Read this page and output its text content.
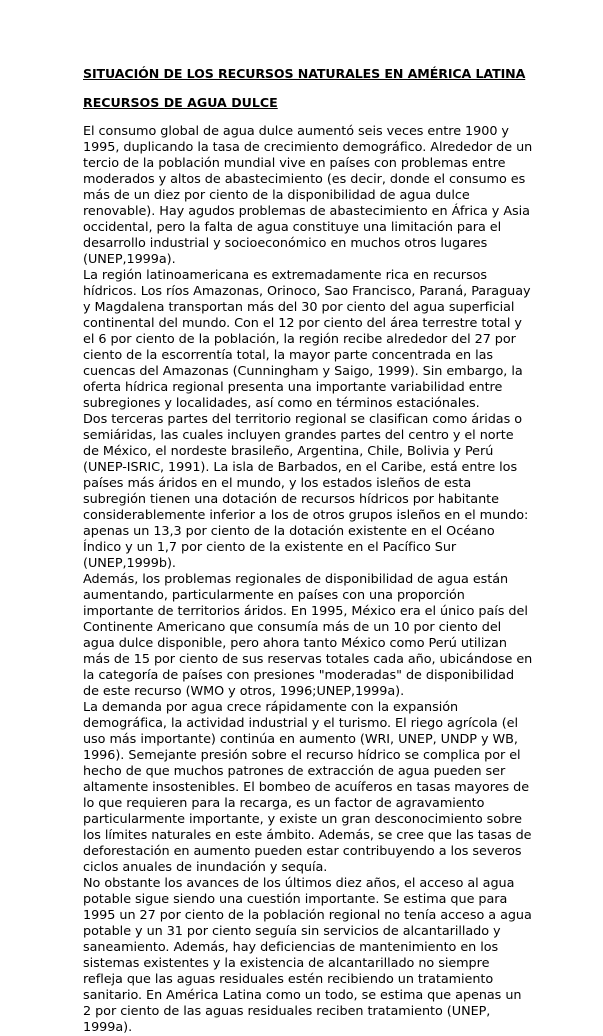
SITUACIÓN DE LOS RECURSOS NATURALES EN AMÉRICA LATINA
RECURSOS DE AGUA DULCE

El consumo global de agua dulce aumentó seis veces entre 1900 y 1995, duplicando la tasa de crecimiento demográfico. Alrededor de un tercio de la población mundial vive en países con problemas entre moderados y altos de abastecimiento (es decir, donde el consumo es más de un diez por ciento de la disponibilidad de agua dulce renovable). Hay agudos problemas de abastecimiento en África y Asia occidental, pero la falta de agua constituye una limitación para el desarrollo industrial y socioeconómico en muchos otros lugares (UNEP,1999a).

La región latinoamericana es extremadamente rica en recursos hídricos. Los ríos Amazonas, Orinoco, Sao Francisco, Paraná, Paraguay y Magdalena transportan más del 30 por ciento del agua superficial continental del mundo. Con el 12 por ciento del área terrestre total y el 6 por ciento de la población, la región recibe alrededor del 27 por ciento de la escorrentía total, la mayor parte concentrada en las cuencas del Amazonas (Cunningham y Saigo, 1999). Sin embargo, la oferta hídrica regional presenta una importante variabilidad entre subregiones y localidades, así como en términos estaciónales.

Dos terceras partes del territorio regional se clasifican como áridas o semiáridas, las cuales incluyen grandes partes del centro y el norte de México, el nordeste brasileño, Argentina, Chile, Bolivia y Perú (UNEP-ISRIC, 1991). La isla de Barbados, en el Caribe, está entre los países más áridos en el mundo, y los estados isleños de esta subregión tienen una dotación de recursos hídricos por habitante considerablemente inferior a los de otros grupos isleños en el mundo: apenas un 13,3 por ciento de la dotación existente en el Océano Índico y un 1,7 por ciento de la existente en el Pacífico Sur (UNEP,1999b).

Además, los problemas regionales de disponibilidad de agua están aumentando, particularmente en países con una proporción importante de territorios áridos. En 1995, México era el único país del Continente Americano que consumía más de un 10 por ciento del agua dulce disponible, pero ahora tanto México como Perú utilizan más de 15 por ciento de sus reservas totales cada año, ubicándose en la categoría de países con presiones "moderadas" de disponibilidad de este recurso (WMO y otros, 1996;UNEP,1999a).

La demanda por agua crece rápidamente con la expansión demográfica, la actividad industrial y el turismo. El riego agrícola (el uso más importante) continúa en aumento (WRI, UNEP, UNDP y WB, 1996). Semejante presión sobre el recurso hídrico se complica por el hecho de que muchos patrones de extracción de agua pueden ser altamente insostenibles. El bombeo de acuíferos en tasas mayores de lo que requieren para la recarga, es un factor de agravamiento particularmente importante, y existe un gran desconocimiento sobre los límites naturales en este ámbito. Además, se cree que las tasas de deforestación en aumento pueden estar contribuyendo a los severos ciclos anuales de inundación y sequía.

No obstante los avances de los últimos diez años, el acceso al agua potable sigue siendo una cuestión importante. Se estima que para 1995 un 27 por ciento de la población regional no tenía acceso a agua potable y un 31 por ciento seguía sin servicios de alcantarillado y saneamiento. Además, hay deficiencias de mantenimiento en los sistemas existentes y la existencia de alcantarillado no siempre refleja que las aguas residuales estén recibiendo un tratamiento sanitario. En América Latina como un todo, se estima que apenas un 2 por ciento de las aguas residuales reciben tratamiento (UNEP, 1999a).
